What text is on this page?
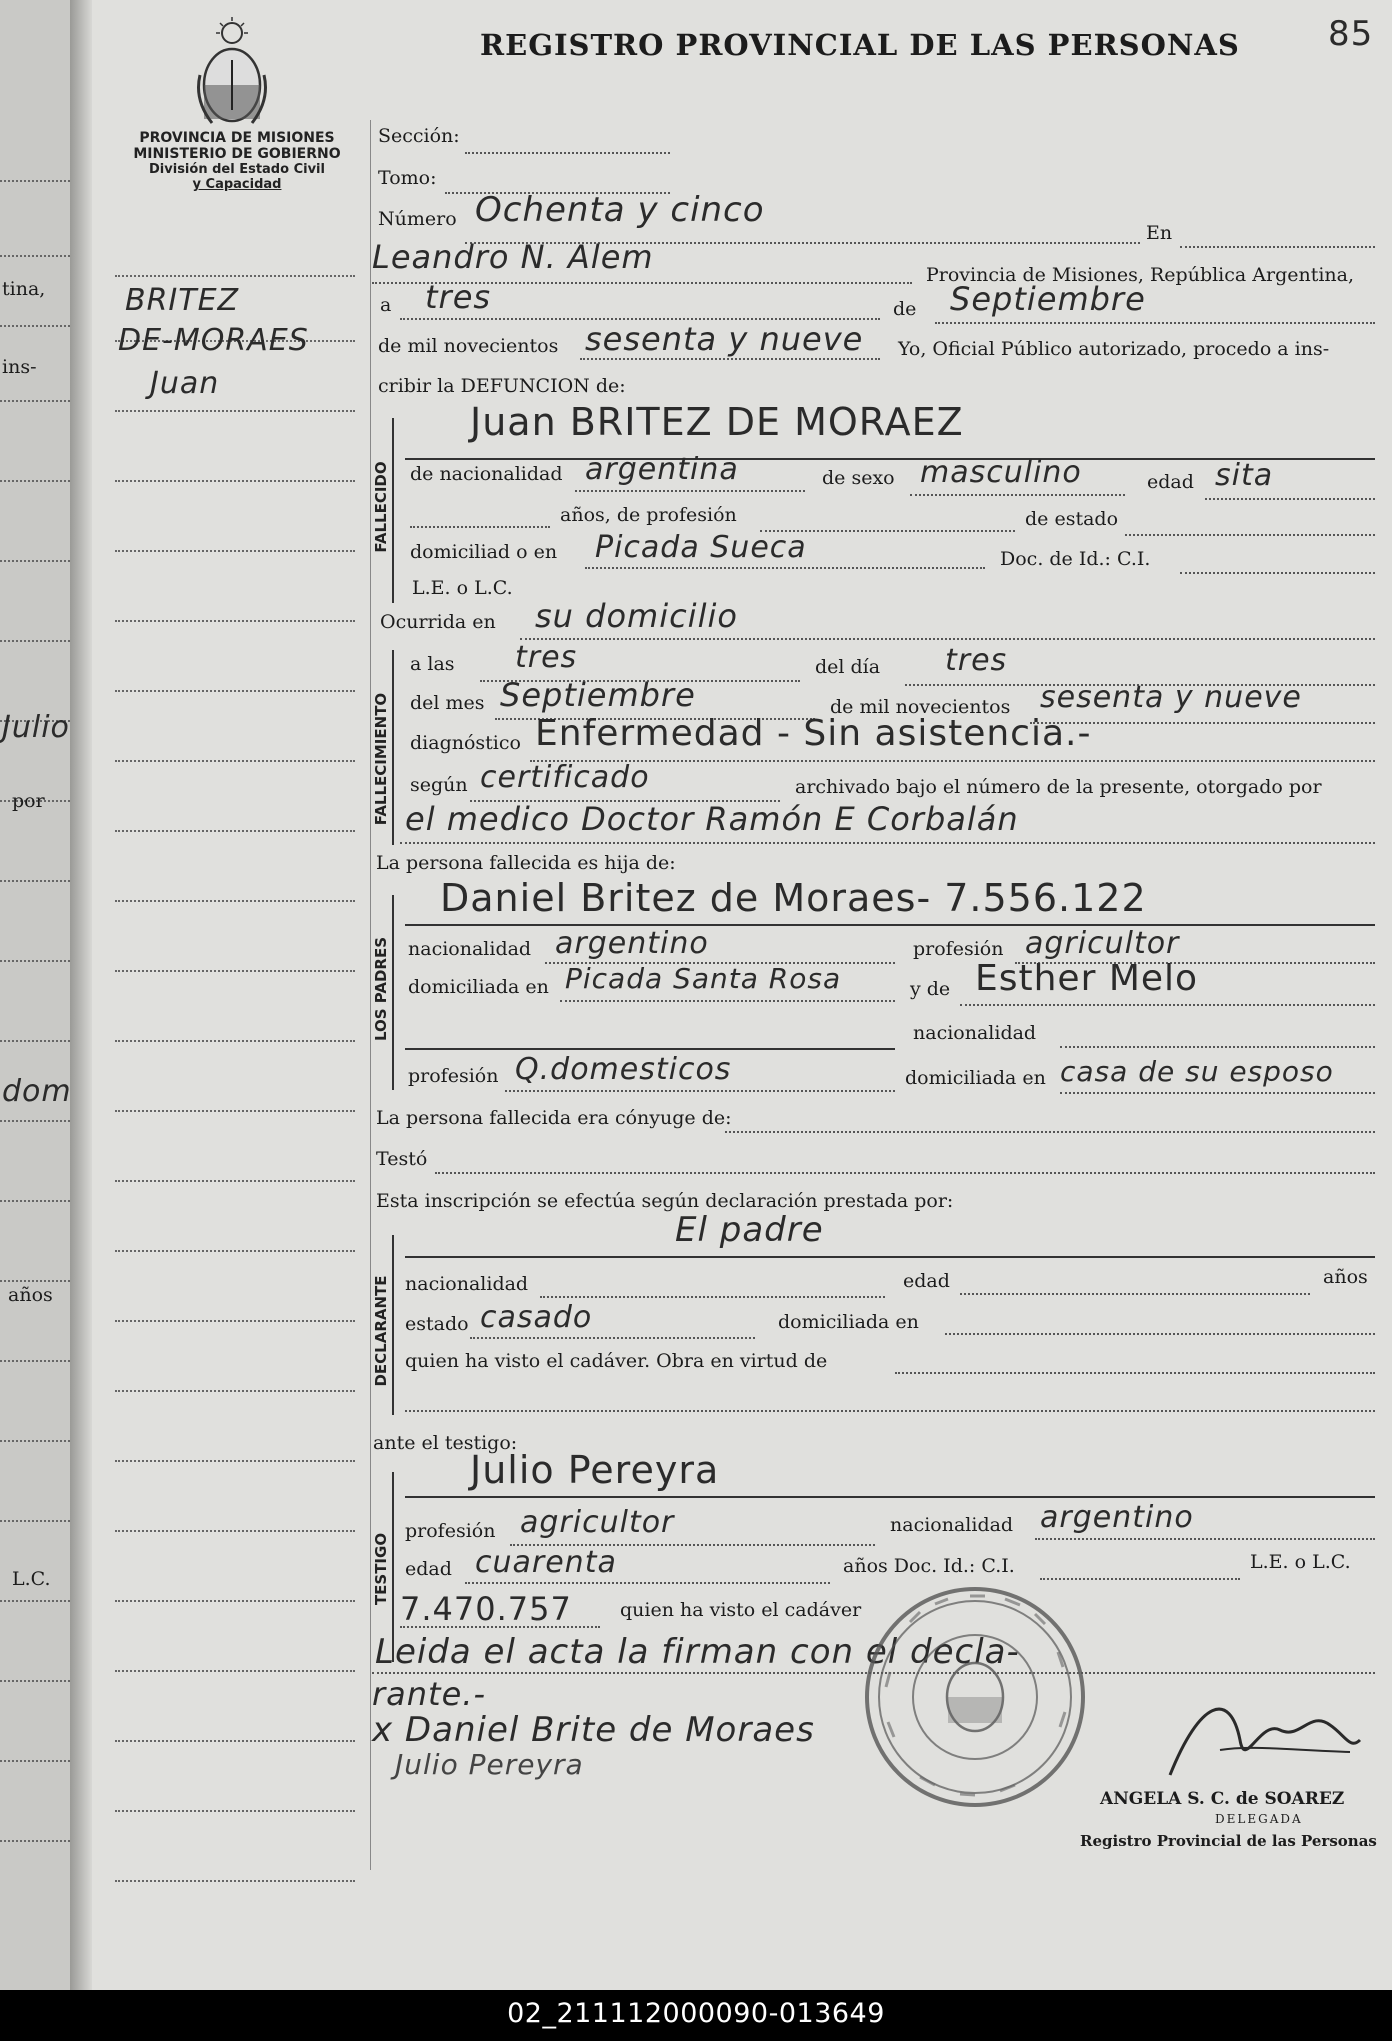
tina,
ins-
Julio
por
dom
años
L.C.
PROVINCIA DE MISIONES
MINISTERIO DE GOBIERNO
División del Estado Civil
y Capacidad
BRITEZ
DE-MORAES
Juan
REGISTRO PROVINCIAL DE LAS PERSONAS	85
Sección:
Tomo:
Número Ochenta y cinco
En
Leandro N. Alem	Provincia de Misiones, República Argentina,
a tres	de Septiembre
de mil novecientos sesenta y nueve Yo, Oficial Público autorizado, procedo a ins-
cribir la DEFUNCION de:
FALLECIDO
Juan BRITEZ DE MORAEZ
de nacionalidad argentina	de sexo masculino	edad sita
años, de profesión	de estado
domiciliad o en Picada Sueca	Doc. de Id.: C.I.
L.E. o L.C.
Ocurrida en su domicilio
FALLECIMIENTO
a las tres	del día tres
del mes Septiembre	de mil novecientos sesenta y nueve
diagnóstico Enfermedad - Sin asistencia.-
según certificado	archivado bajo el número de la presente, otorgado por
el medico Doctor Ramón E Corbalán
La persona fallecida es hija de:
LOS PADRES
Daniel Britez de Moraes- 7.556.122
nacionalidad argentino	profesión agricultor
domiciliada en Picada Santa Rosa	y de Esther Melo
nacionalidad
profesión Q.domesticos	domiciliada en casa de su esposo
La persona fallecida era cónyuge de:
Testó
Esta inscripción se efectúa según declaración prestada por:
DECLARANTE
El padre
nacionalidad	edad	años
estado casado	domiciliada en
quien ha visto el cadáver. Obra en virtud de
ante el testigo:
TESTIGO
Julio Pereyra
profesión agricultor	nacionalidad argentino
edad cuarenta	años Doc. Id.: C.I.	L.E. o L.C.
7.470.757	quien ha visto el cadáver
Leida el acta la firman con el decla-
rante.-
x Daniel Brite de Moraes
Julio Pereyra
ANGELA S. C. de SOAREZ
DELEGADA
Registro Provincial de las Personas
02_211112000090-013649
